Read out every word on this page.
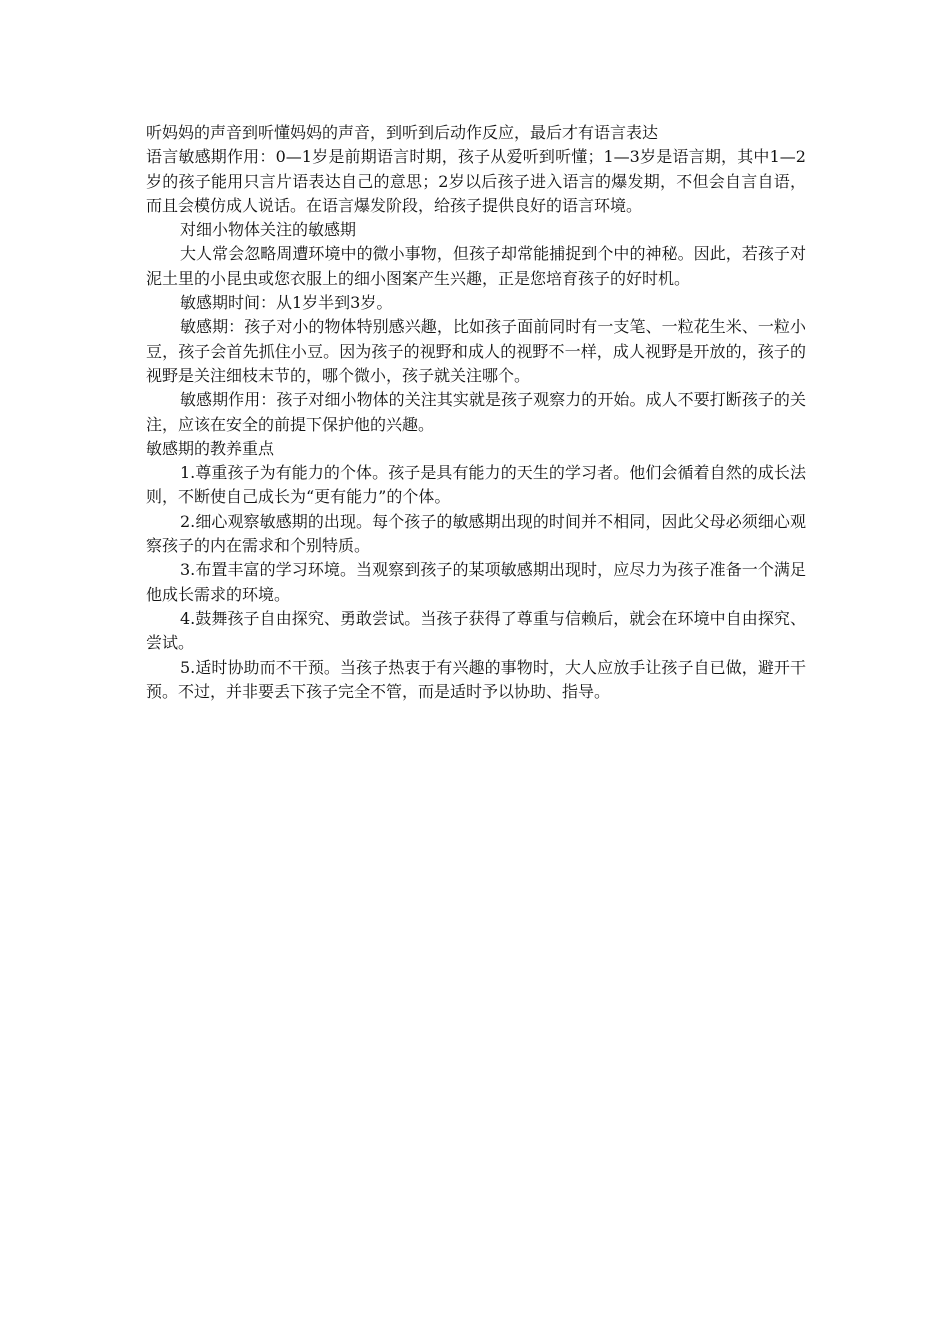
听妈妈的声音到听懂妈妈的声音，到听到后动作反应，最后才有语言表达

语言敏感期作用：0—1岁是前期语言时期，孩子从爱听到听懂；1—3岁是语言期，其中1—2岁的孩子能用只言片语表达自己的意思；2岁以后孩子进入语言的爆发期，不但会自言自语，而且会模仿成人说话。在语言爆发阶段，给孩子提供良好的语言环境。

对细小物体关注的敏感期

大人常会忽略周遭环境中的微小事物，但孩子却常能捕捉到个中的神秘。因此，若孩子对泥土里的小昆虫或您衣服上的细小图案产生兴趣，正是您培育孩子的好时机。

敏感期时间：从1岁半到3岁。

敏感期：孩子对小的物体特别感兴趣，比如孩子面前同时有一支笔、一粒花生米、一粒小豆，孩子会首先抓住小豆。因为孩子的视野和成人的视野不一样，成人视野是开放的，孩子的视野是关注细枝末节的，哪个微小，孩子就关注哪个。

敏感期作用：孩子对细小物体的关注其实就是孩子观察力的开始。成人不要打断孩子的关注，应该在安全的前提下保护他的兴趣。

敏感期的教养重点

1.尊重孩子为有能力的个体。孩子是具有能力的天生的学习者。他们会循着自然的成长法则，不断使自己成长为“更有能力”的个体。

2.细心观察敏感期的出现。每个孩子的敏感期出现的时间并不相同，因此父母必须细心观察孩子的内在需求和个别特质。

3.布置丰富的学习环境。当观察到孩子的某项敏感期出现时，应尽力为孩子准备一个满足他成长需求的环境。

4.鼓舞孩子自由探究、勇敢尝试。当孩子获得了尊重与信赖后，就会在环境中自由探究、尝试。

5.适时协助而不干预。当孩子热衷于有兴趣的事物时，大人应放手让孩子自已做，避开干预。不过，并非要丢下孩子完全不管，而是适时予以协助、指导。
